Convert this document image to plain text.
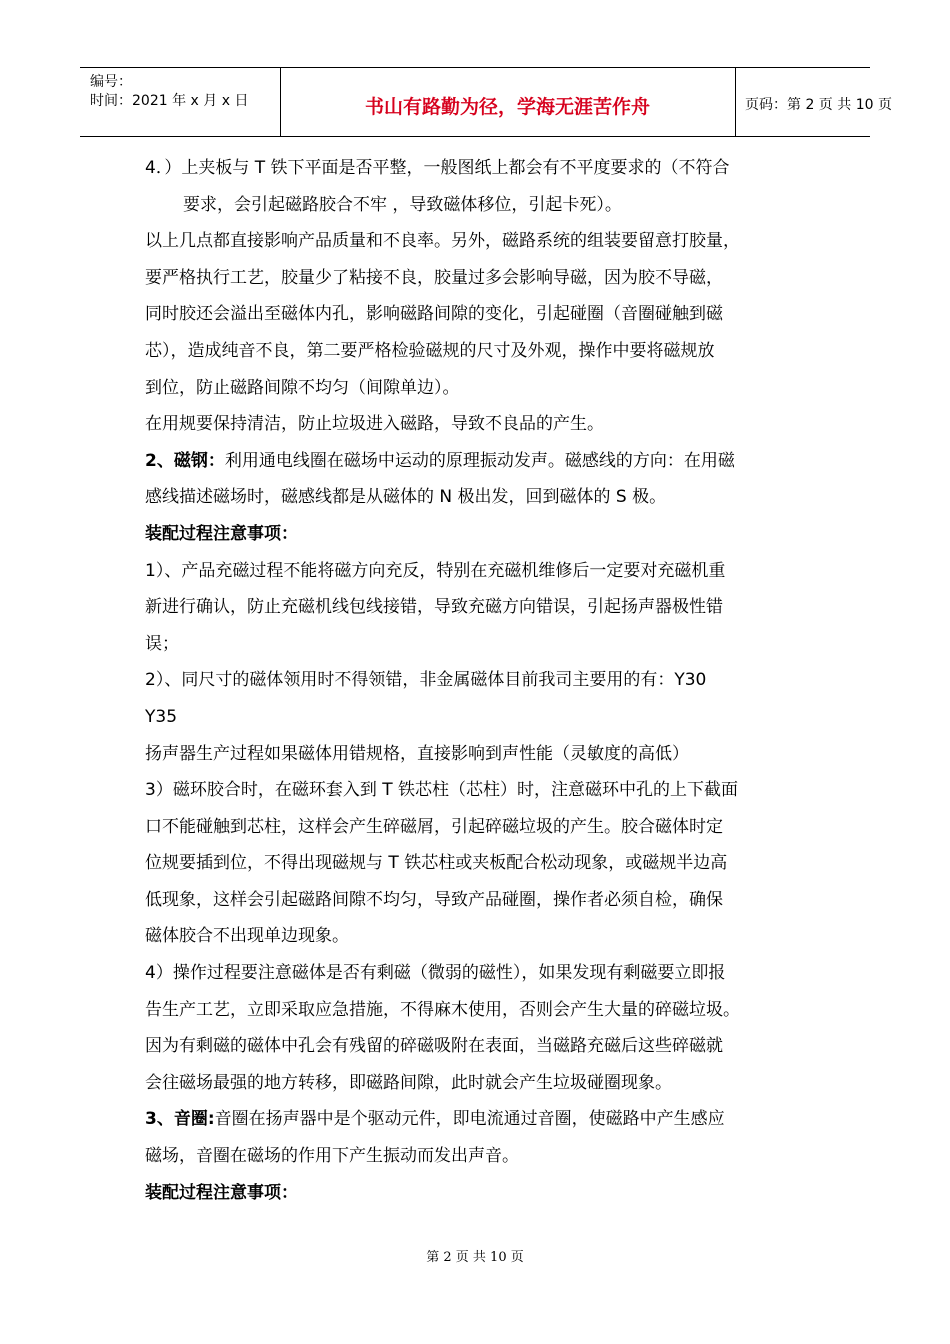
编号：
时间：2021 年 x 月 x 日	书山有路勤为径，学海无涯苦作舟	页码：第 2 页 共 10 页

4．）上夹板与 T 铁下平面是否平整，一般图纸上都会有不平度要求的（不符合

要求，会引起磁路胶合不牢 ，导致磁体移位，引起卡死）。

以上几点都直接影响产品质量和不良率。另外，磁路系统的组装要留意打胶量，

要严格执行工艺，胶量少了粘接不良，胶量过多会影响导磁，因为胶不导磁，

同时胶还会溢出至磁体内孔，影响磁路间隙的变化，引起碰圈（音圈碰触到磁

芯），造成纯音不良，第二要严格检验磁规的尺寸及外观，操作中要将磁规放

到位，防止磁路间隙不均匀（间隙单边）。

在用规要保持清洁，防止垃圾进入磁路，导致不良品的产生。

2、磁钢：利用通电线圈在磁场中运动的原理振动发声。磁感线的方向：在用磁

感线描述磁场时，磁感线都是从磁体的 N 极出发，回到磁体的 S 极。

装配过程注意事项：

1）、产品充磁过程不能将磁方向充反，特别在充磁机维修后一定要对充磁机重

新进行确认，防止充磁机线包线接错，导致充磁方向错误，引起扬声器极性错

误；

2）、同尺寸的磁体领用时不得领错，非金属磁体目前我司主要用的有：Y30

Y35

扬声器生产过程如果磁体用错规格，直接影响到声性能（灵敏度的高低）

3）磁环胶合时，在磁环套入到 T 铁芯柱（芯柱）时，注意磁环中孔的上下截面

口不能碰触到芯柱，这样会产生碎磁屑，引起碎磁垃圾的产生。胶合磁体时定

位规要插到位，不得出现磁规与 T 铁芯柱或夹板配合松动现象，或磁规半边高

低现象，这样会引起磁路间隙不均匀，导致产品碰圈，操作者必须自检，确保

磁体胶合不出现单边现象。

4）操作过程要注意磁体是否有剩磁（微弱的磁性），如果发现有剩磁要立即报

告生产工艺，立即采取应急措施，不得麻木使用，否则会产生大量的碎磁垃圾。

因为有剩磁的磁体中孔会有残留的碎磁吸附在表面，当磁路充磁后这些碎磁就

会往磁场最强的地方转移，即磁路间隙，此时就会产生垃圾碰圈现象。

3、音圈:音圈在扬声器中是个驱动元件，即电流通过音圈，使磁路中产生感应

磁场，音圈在磁场的作用下产生振动而发出声音。

装配过程注意事项：

第 2 页 共 10 页
